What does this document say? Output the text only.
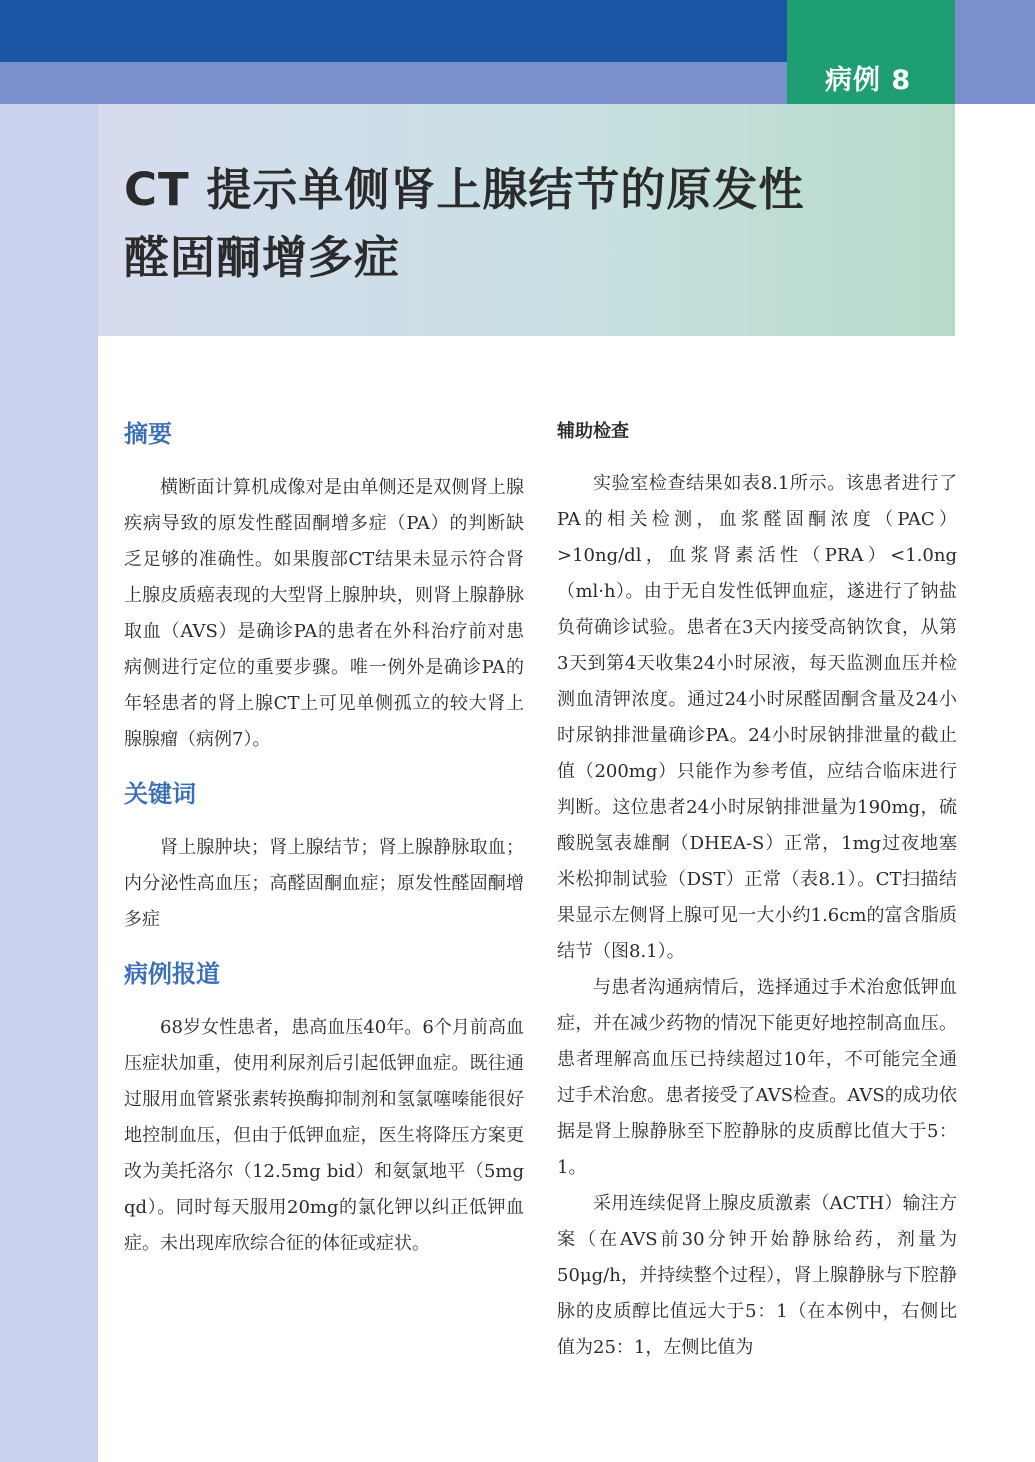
病例 8
CT 提示单侧肾上腺结节的原发性
醛固酮增多症
摘要

横断面计算机成像对是由单侧还是双侧肾上腺疾病导致的原发性醛固酮增多症（PA）的判断缺乏足够的准确性。如果腹部CT结果未显示符合肾上腺皮质癌表现的大型肾上腺肿块，则肾上腺静脉取血（AVS）是确诊PA的患者在外科治疗前对患病侧进行定位的重要步骤。唯一例外是确诊PA的年轻患者的肾上腺CT上可见单侧孤立的较大肾上腺腺瘤（病例7）。

关键词

肾上腺肿块；肾上腺结节；肾上腺静脉取血；内分泌性高血压；高醛固酮血症；原发性醛固酮增多症

病例报道

68岁女性患者，患高血压40年。6个月前高血压症状加重，使用利尿剂后引起低钾血症。既往通过服用血管紧张素转换酶抑制剂和氢氯噻嗪能很好地控制血压，但由于低钾血症，医生将降压方案更改为美托洛尔（12.5mg bid）和氨氯地平（5mg qd）。同时每天服用20mg的氯化钾以纠正低钾血症。未出现库欣综合征的体征或症状。

辅助检查

实验室检查结果如表8.1所示。该患者进行了PA的相关检测，血浆醛固酮浓度（PAC）>10ng/dl，血浆肾素活性（PRA）<1.0ng（ml·h）。由于无自发性低钾血症，遂进行了钠盐负荷确诊试验。患者在3天内接受高钠饮食，从第3天到第4天收集24小时尿液，每天监测血压并检测血清钾浓度。通过24小时尿醛固酮含量及24小时尿钠排泄量确诊PA。24小时尿钠排泄量的截止值（200mg）只能作为参考值，应结合临床进行判断。这位患者24小时尿钠排泄量为190mg，硫酸脱氢表雄酮（DHEA-S）正常，1mg过夜地塞米松抑制试验（DST）正常（表8.1）。CT扫描结果显示左侧肾上腺可见一大小约1.6cm的富含脂质结节（图8.1）。

与患者沟通病情后，选择通过手术治愈低钾血症，并在减少药物的情况下能更好地控制高血压。患者理解高血压已持续超过10年，不可能完全通过手术治愈。患者接受了AVS检查。AVS的成功依据是肾上腺静脉至下腔静脉的皮质醇比值大于5：1。

采用连续促肾上腺皮质激素（ACTH）输注方案（在AVS前30分钟开始静脉给药，剂量为50μg/h，并持续整个过程），肾上腺静脉与下腔静脉的皮质醇比值远大于5：1（在本例中，右侧比值为25：1，左侧比值为
